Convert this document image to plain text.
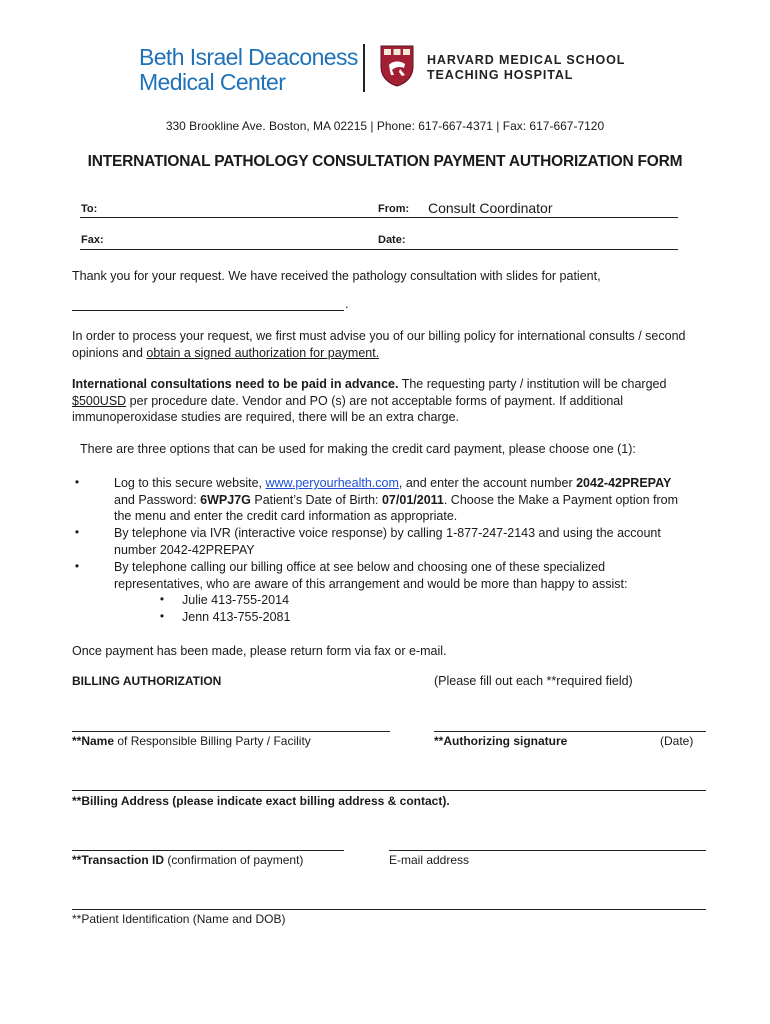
Beth Israel Deaconess
Medical Center
HARVARD MEDICAL SCHOOL
TEACHING HOSPITAL
330 Brookline Ave. Boston, MA 02215 | Phone: 617-667-4371 | Fax: 617-667-7120
INTERNATIONAL PATHOLOGY CONSULTATION PAYMENT AUTHORIZATION FORM
To:	From: Consult Coordinator
Fax:	Date:
Thank you for your request. We have received the pathology consultation with slides for patient,
.
In order to process your request, we first must advise you of our billing policy for international consults / second
opinions and obtain a signed authorization for payment.
International consultations need to be paid in advance. The requesting party / institution will be charged
$500USD per procedure date. Vendor and PO (s) are not acceptable forms of payment. If additional
immunoperoxidase studies are required, there will be an extra charge.
There are three options that can be used for making the credit card payment, please choose one (1):
•	Log to this secure website, www.peryourhealth.com, and enter the account number 2042-42PREPAY
and Password: 6WPJ7G Patient’s Date of Birth: 07/01/2011. Choose the Make a Payment option from
the menu and enter the credit card information as appropriate.
•	By telephone via IVR (interactive voice response) by calling 1-877-247-2143 and using the account
number 2042-42PREPAY
•	By telephone calling our billing office at see below and choosing one of these specialized
representatives, who are aware of this arrangement and would be more than happy to assist:
• Julie 413-755-2014
• Jenn 413-755-2081
Once payment has been made, please return form via fax or e-mail.
BILLING AUTHORIZATION	(Please fill out each **required field)
**Name of Responsible Billing Party / Facility	**Authorizing signature	(Date)
**Billing Address (please indicate exact billing address & contact).
**Transaction ID (confirmation of payment)	E-mail address
**Patient Identification (Name and DOB)
